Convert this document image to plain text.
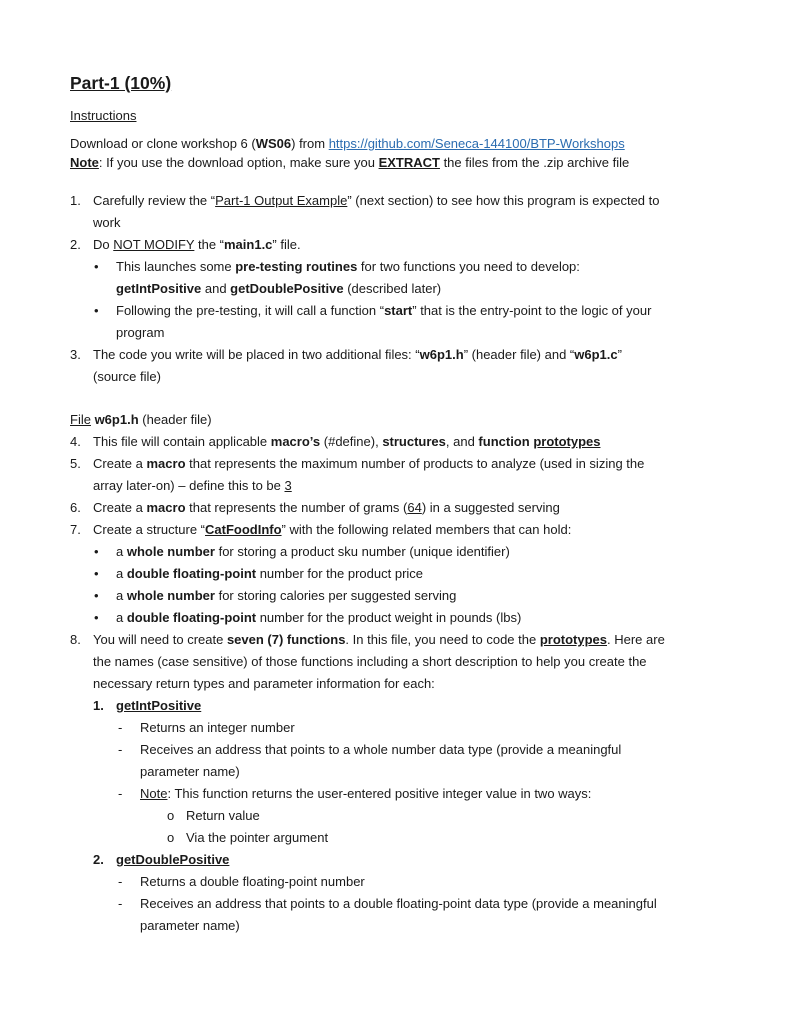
Part-1 (10%)
Instructions
Download or clone workshop 6 (WS06) from https://github.com/Seneca-144100/BTP-Workshops
Note: If you use the download option, make sure you EXTRACT the files from the .zip archive file
1. Carefully review the “Part-1 Output Example” (next section) to see how this program is expected to
work
2. Do NOT MODIFY the “main1.c” file.
• This launches some pre-testing routines for two functions you need to develop:
getIntPositive and getDoublePositive (described later)
• Following the pre-testing, it will call a function “start” that is the entry-point to the logic of your
program
3. The code you write will be placed in two additional files: “w6p1.h” (header file) and “w6p1.c”
(source file)
File w6p1.h (header file)
4. This file will contain applicable macro’s (#define), structures, and function prototypes
5. Create a macro that represents the maximum number of products to analyze (used in sizing the
array later-on) – define this to be 3
6. Create a macro that represents the number of grams (64) in a suggested serving
7. Create a structure “CatFoodInfo” with the following related members that can hold:
• a whole number for storing a product sku number (unique identifier)
• a double floating-point number for the product price
• a whole number for storing calories per suggested serving
• a double floating-point number for the product weight in pounds (lbs)
8. You will need to create seven (7) functions. In this file, you need to code the prototypes. Here are
the names (case sensitive) of those functions including a short description to help you create the
necessary return types and parameter information for each:
1. getIntPositive
- Returns an integer number
- Receives an address that points to a whole number data type (provide a meaningful
parameter name)
- Note: This function returns the user-entered positive integer value in two ways:
o Return value
o Via the pointer argument
2. getDoublePositive
- Returns a double floating-point number
- Receives an address that points to a double floating-point data type (provide a meaningful
parameter name)
